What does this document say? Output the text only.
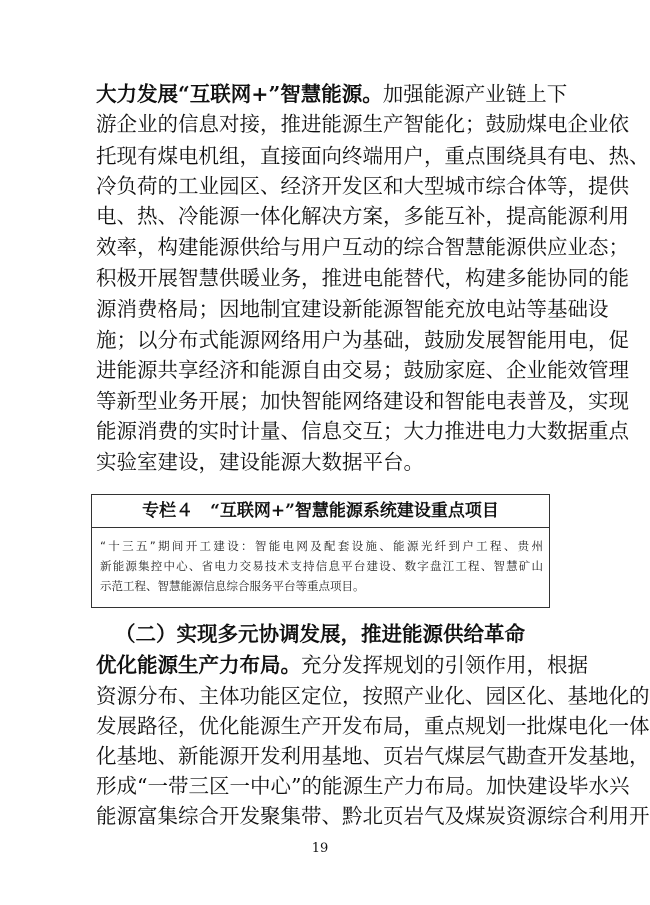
大力发展“互联网+”智慧能源。加强能源产业链上下
游企业的信息对接，推进能源生产智能化；鼓励煤电企业依
托现有煤电机组，直接面向终端用户，重点围绕具有电、热、
冷负荷的工业园区、经济开发区和大型城市综合体等，提供
电、热、冷能源一体化解决方案，多能互补，提高能源利用
效率，构建能源供给与用户互动的综合智慧能源供应业态；
积极开展智慧供暖业务，推进电能替代，构建多能协同的能
源消费格局；因地制宜建设新能源智能充放电站等基础设
施；以分布式能源网络用户为基础，鼓励发展智能用电，促
进能源共享经济和能源自由交易；鼓励家庭、企业能效管理
等新型业务开展；加快智能网络建设和智能电表普及，实现
能源消费的实时计量、信息交互；大力推进电力大数据重点
实验室建设，建设能源大数据平台。
专栏４　“互联网+”智慧能源系统建设重点项目
“十三五”期间开工建设：智能电网及配套设施、能源光纤到户工程、贵州
新能源集控中心、省电力交易技术支持信息平台建设、数字盘江工程、智慧矿山
示范工程、智慧能源信息综合服务平台等重点项目。
（二）实现多元协调发展，推进能源供给革命
优化能源生产力布局。充分发挥规划的引领作用，根据
资源分布、主体功能区定位，按照产业化、园区化、基地化的
发展路径，优化能源生产开发布局，重点规划一批煤电化一体
化基地、新能源开发利用基地、页岩气煤层气勘查开发基地，
形成“一带三区一中心”的能源生产力布局。加快建设毕水兴
能源富集综合开发聚集带、黔北页岩气及煤炭资源综合利用开
19
